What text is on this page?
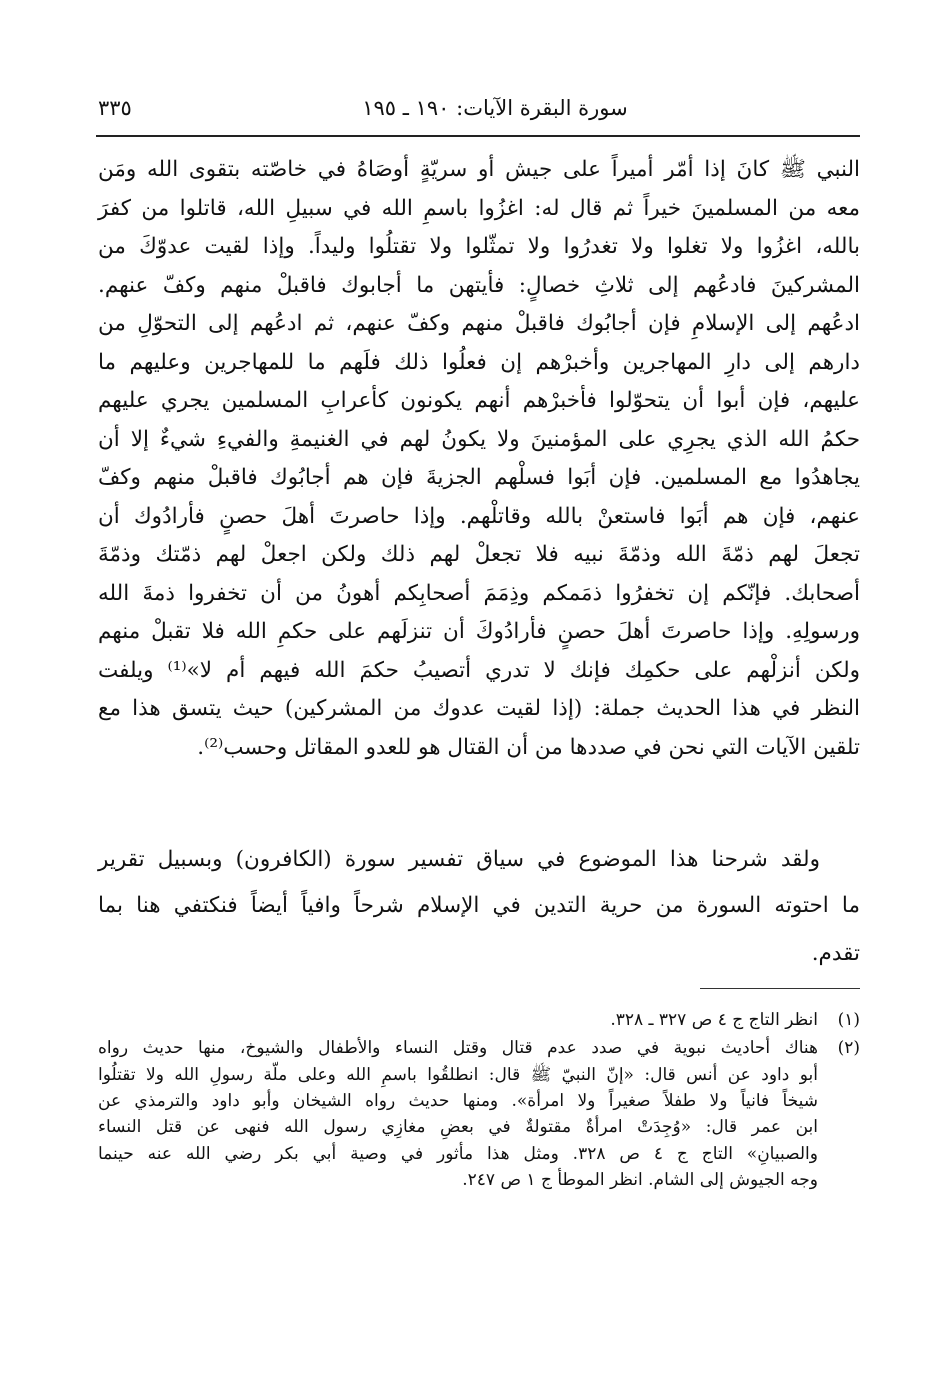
٣٣٥	سورة البقرة الآيات: ١٩٠ ـ ١٩٥
النبي ﷺ كانَ إذا أمّر أميراً على جيش أو سريّةٍ أوصَاهُ في خاصّته بتقوى الله ومَن
معه من المسلمينَ خيراً ثم قال له: اغزُوا باسمِ الله في سبيلِ الله، قاتلوا من كفرَ
بالله، اغزُوا ولا تغلوا ولا تغدرُوا ولا تمثّلوا ولا تقتلُوا وليداً. وإذا لقيت عدوّكَ من
المشركينَ فادعُهم إلى ثلاثِ خصالٍ: فأيتهن ما أجابوك فاقبلْ منهم وكفّ عنهم.
ادعُهم إلى الإسلامِ فإن أجابُوك فاقبلْ منهم وكفّ عنهم، ثم ادعُهم إلى التحوّلِ من
دارهم إلى دارِ المهاجرين وأخبرْهم إن فعلُوا ذلك فلَهم ما للمهاجرين وعليهم ما
عليهم، فإن أبوا أن يتحوّلوا فأخبرْهم أنهم يكونون كأعرابِ المسلمين يجري عليهم
حكمُ الله الذي يجرِي على المؤمنينَ ولا يكونُ لهم في الغنيمةِ والفيءِ شيءٌ إلا أن
يجاهدُوا مع المسلمين. فإن أبَوا فسلْهم الجزيةَ فإن هم أجابُوك فاقبلْ منهم وكفّ
عنهم، فإن هم أبَوا فاستعنْ بالله وقاتلْهم. وإذا حاصرتَ أهلَ حصنٍ فأرادُوك أن
تجعلَ لهم ذمّةَ الله وذمّةَ نبيه فلا تجعلْ لهم ذلك ولكن اجعلْ لهم ذمّتك وذمّةَ
أصحابك. فإنّكم إن تخفرُوا ذمَمكم وذِمَمَ أصحابِكم أهونُ من أن تخفروا ذمةَ الله
ورسولِهِ. وإذا حاصرتَ أهلَ حصنٍ فأرادُوكَ أن تنزلَهم على حكمِ الله فلا تقبلْ منهم
ولكن أنزلْهم على حكمِك فإنك لا تدري أتصيبُ حكمَ الله فيهم أم لا»⁽¹⁾ ويلفت
النظر في هذا الحديث جملة: (إذا لقيت عدوك من المشركين) حيث يتسق هذا مع
تلقين الآيات التي نحن في صددها من أن القتال هو للعدو المقاتل وحسب⁽²⁾.
ولقد شرحنا هذا الموضوع في سياق تفسير سورة (الكافرون) وبسبيل تقرير
ما احتوته السورة من حرية التدين في الإسلام شرحاً وافياً أيضاً فنكتفي هنا بما
تقدم.
(١)
انظر التاج ج ٤ ص ٣٢٧ ـ ٣٢٨.
(٢)
هناك أحاديث نبوية في صدد عدم قتال وقتل النساء والأطفال والشيوخ، منها حديث رواه
أبو داود عن أنس قال: «إنّ النبيّ ﷺ قال: انطلقُوا باسمِ الله وعلى ملّة رسولِ الله ولا تقتلُوا
شيخاً فانياً ولا طفلاً صغيراً ولا امرأة». ومنها حديث رواه الشيخان وأبو داود والترمذي عن
ابن عمر قال: «وُجِدَتْ امرأةٌ مقتولةٌ في بعضِ مغازِي رسول الله فنهى عن قتل النساء
والصبيانِ» التاج ج ٤ ص ٣٢٨. ومثل هذا مأثور في وصية أبي بكر رضي الله عنه حينما
وجه الجيوش إلى الشام. انظر الموطأ ج ١ ص ٢٤٧.
